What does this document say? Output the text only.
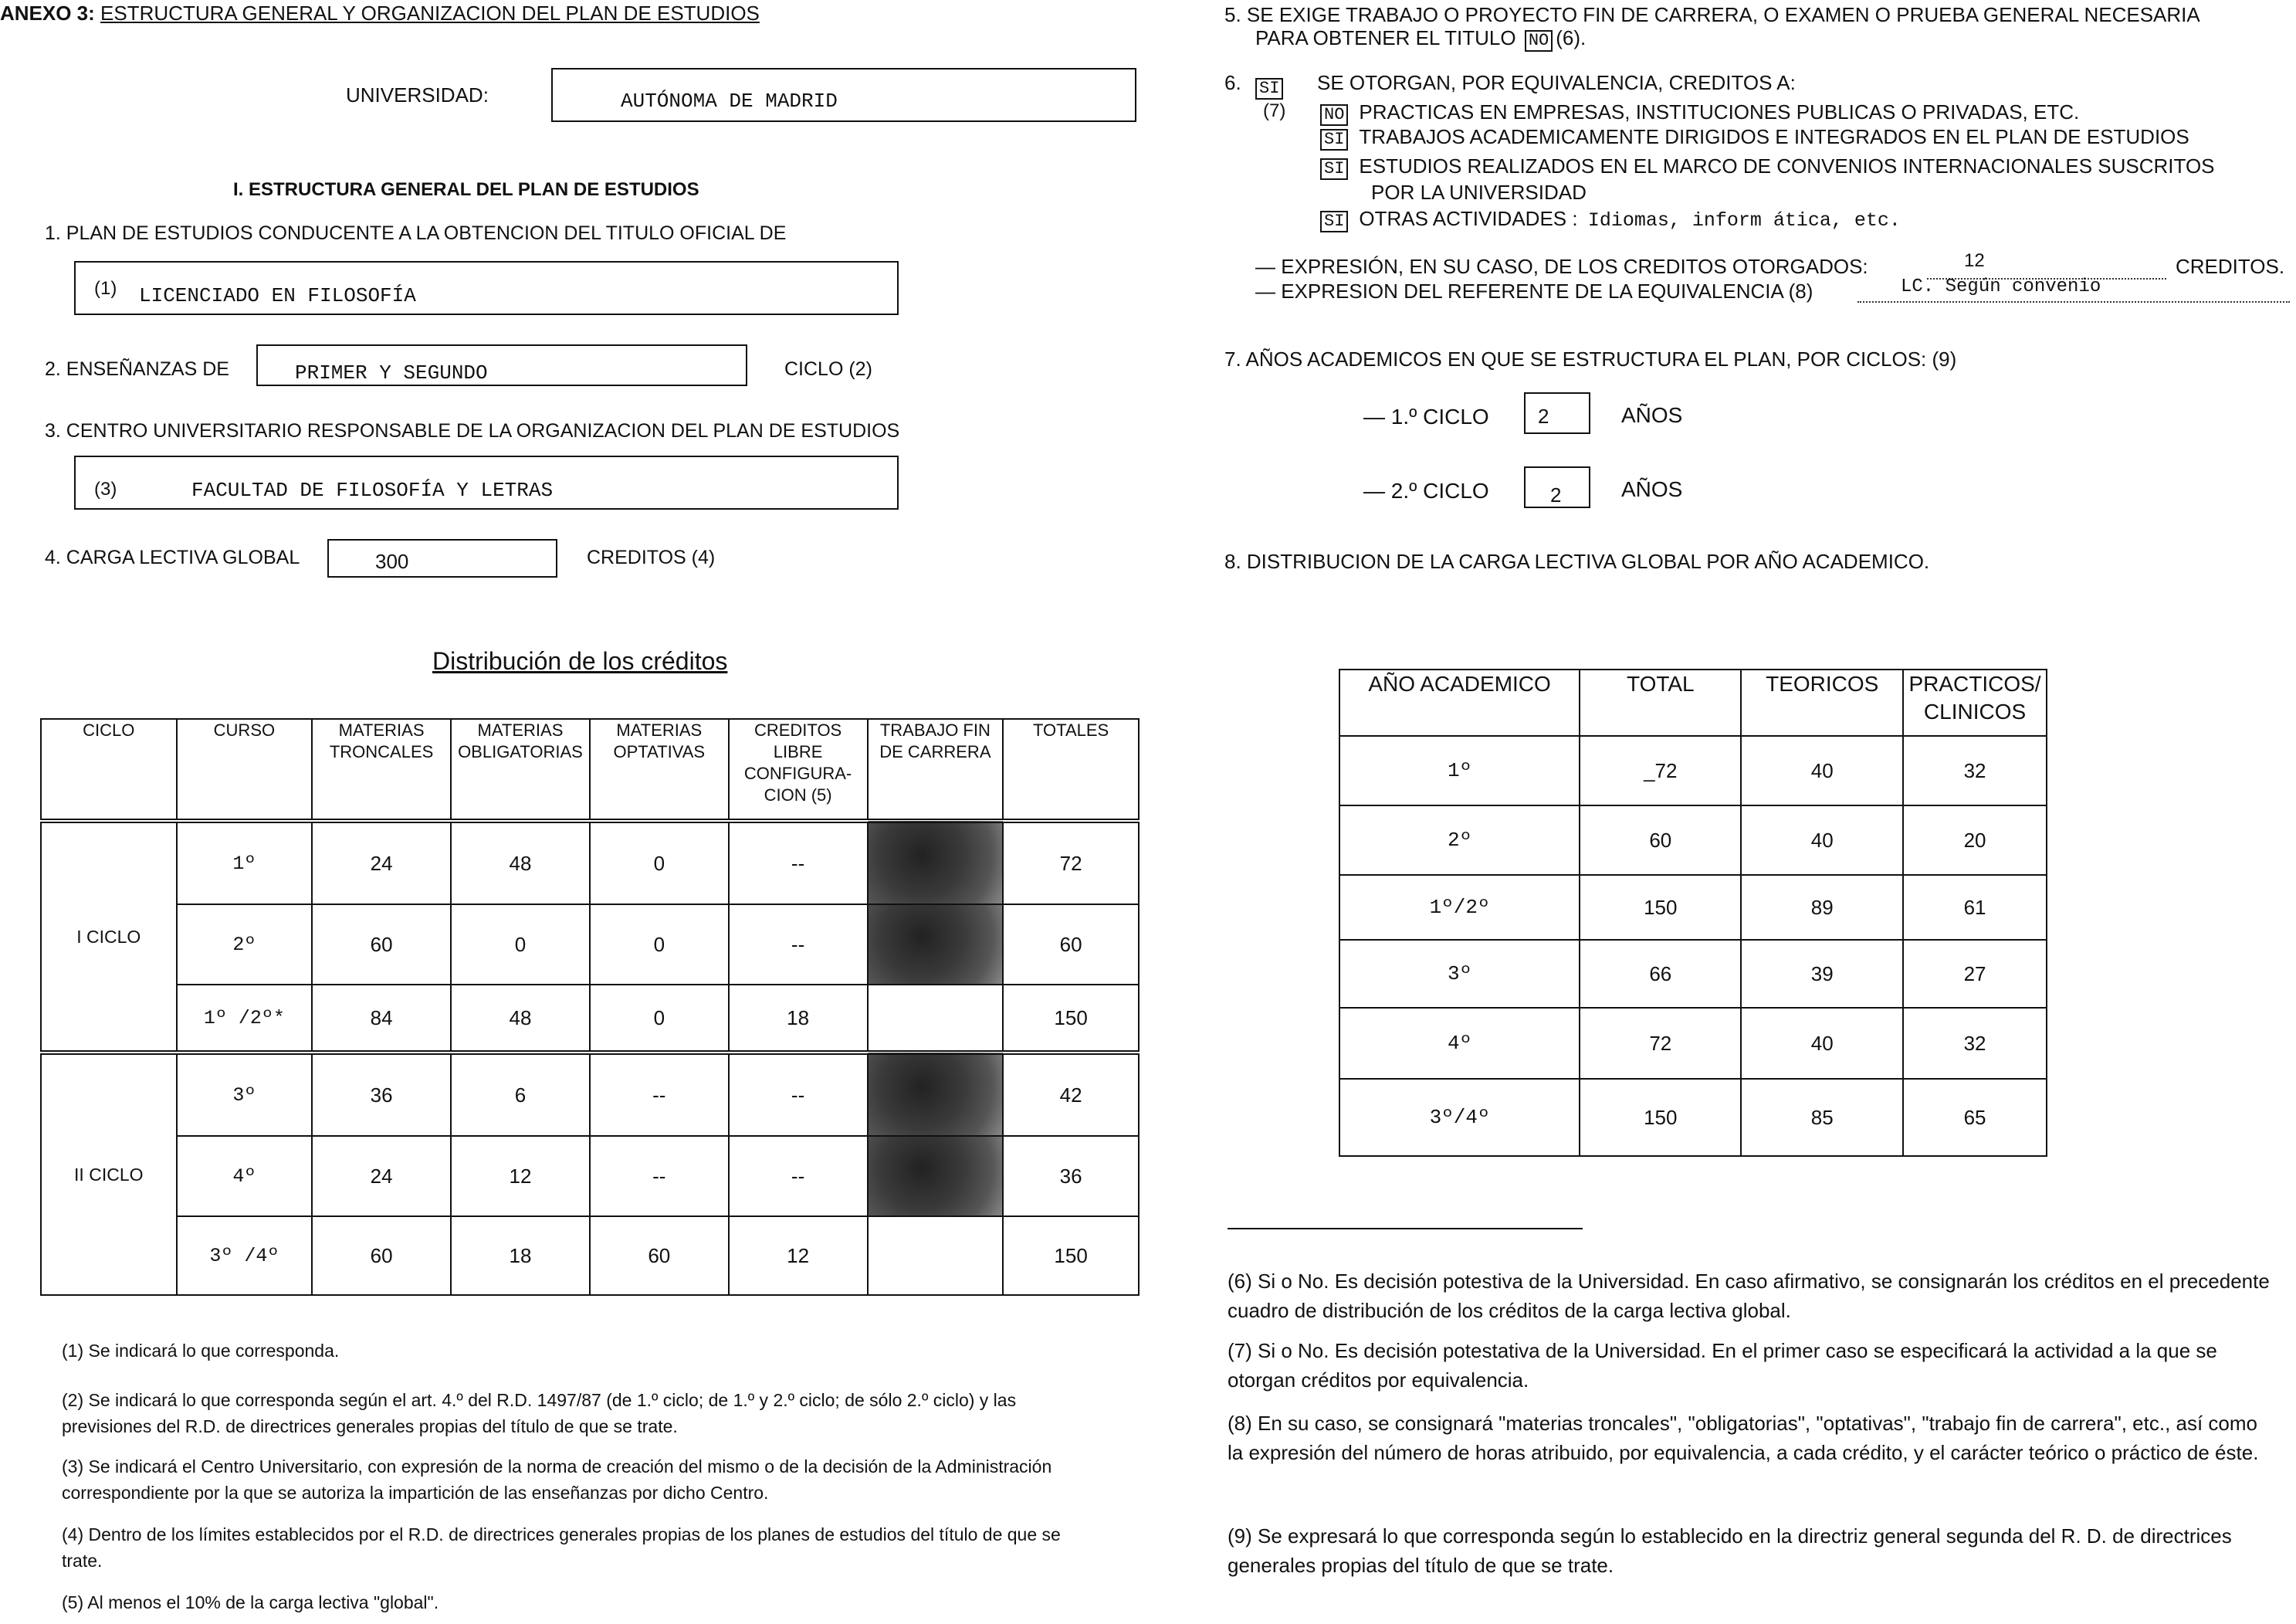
ANEXO 3: ESTRUCTURA GENERAL Y ORGANIZACION DEL PLAN DE ESTUDIOS
UNIVERSIDAD:	AUTÓNOMA DE MADRID
I. ESTRUCTURA GENERAL DEL PLAN DE ESTUDIOS
1. PLAN DE ESTUDIOS CONDUCENTE A LA OBTENCION DEL TITULO OFICIAL DE
(1) LICENCIADO EN FILOSOFÍA
2. ENSEÑANZAS DE	PRIMER Y SEGUNDO	CICLO (2)
3. CENTRO UNIVERSITARIO RESPONSABLE DE LA ORGANIZACION DEL PLAN DE ESTUDIOS
(3)	FACULTAD DE FILOSOFÍA Y LETRAS
4. CARGA LECTIVA GLOBAL	300	CREDITOS (4)
Distribución de los créditos
CICLO	CURSO	MATERIAS TRONCALES	MATERIAS OBLIGATORIAS	MATERIAS OPTATIVAS	CREDITOS LIBRE CONFIGURA-CION (5)	TRABAJO FIN DE CARRERA	TOTALES
I CICLO	1º	24	48	0	--		72
	2º	60	0	0	--		60
	1º /2º*	84	48	0	18		150
II CICLO	3º	36	6	--	--		42
	4º	24	12	--	--		36
	3º /4º	60	18	60	12		150
(1) Se indicará lo que corresponda.
(2) Se indicará lo que corresponda según el art. 4.º del R.D. 1497/87 (de 1.º ciclo; de 1.º y 2.º ciclo; de sólo 2.º ciclo) y las previsiones del R.D. de directrices generales propias del título de que se trate.
(3) Se indicará el Centro Universitario, con expresión de la norma de creación del mismo o de la decisión de la Administración correspondiente por la que se autoriza la impartición de las enseñanzas por dicho Centro.
(4) Dentro de los límites establecidos por el R.D. de directrices generales propias de los planes de estudios del título de que se trate.
(5) Al menos el 10% de la carga lectiva "global".
5. SE EXIGE TRABAJO O PROYECTO FIN DE CARRERA, O EXAMEN O PRUEBA GENERAL NECESARIA
PARA OBTENER EL TITULO NO (6).
6. SI
(7)
SE OTORGAN, POR EQUIVALENCIA, CREDITOS A:
NO PRACTICAS EN EMPRESAS, INSTITUCIONES PUBLICAS O PRIVADAS, ETC.
SI TRABAJOS ACADEMICAMENTE DIRIGIDOS E INTEGRADOS EN EL PLAN DE ESTUDIOS
SI ESTUDIOS REALIZADOS EN EL MARCO DE CONVENIOS INTERNACIONALES SUSCRITOS
POR LA UNIVERSIDAD
SI OTRAS ACTIVIDADES : Idiomas, inform ática, etc.
— EXPRESIÓN, EN SU CASO, DE LOS CREDITOS OTORGADOS:	12	CREDITOS.
— EXPRESION DEL REFERENTE DE LA EQUIVALENCIA (8)	LC. Según convenio
7. AÑOS ACADEMICOS EN QUE SE ESTRUCTURA EL PLAN, POR CICLOS: (9)
— 1.º CICLO 2	AÑOS
— 2.º CICLO	2	AÑOS
8. DISTRIBUCION DE LA CARGA LECTIVA GLOBAL POR AÑO ACADEMICO.
AÑO ACADEMICO	TOTAL	TEORICOS	PRACTICOS/ CLINICOS
1º	_72	40	32
2º	60	40	20
1º/2º	150	89	61
3º	66	39	27
4º	72	40	32
3º/4º	150	85	65
(6) Si o No. Es decisión potestiva de la Universidad. En caso afirmativo, se consignarán los créditos en el precedente cuadro de distribución de los créditos de la carga lectiva global.
(7) Si o No. Es decisión potestativa de la Universidad. En el primer caso se especificará la actividad a la que se otorgan créditos por equivalencia.
(8) En su caso, se consignará "materias troncales", "obligatorias", "optativas", "trabajo fin de carrera", etc., así como la expresión del número de horas atribuido, por equivalencia, a cada crédito, y el carácter teórico o práctico de éste.
(9) Se expresará lo que corresponda según lo establecido en la directriz general segunda del R. D. de directrices generales propias del título de que se trate.
